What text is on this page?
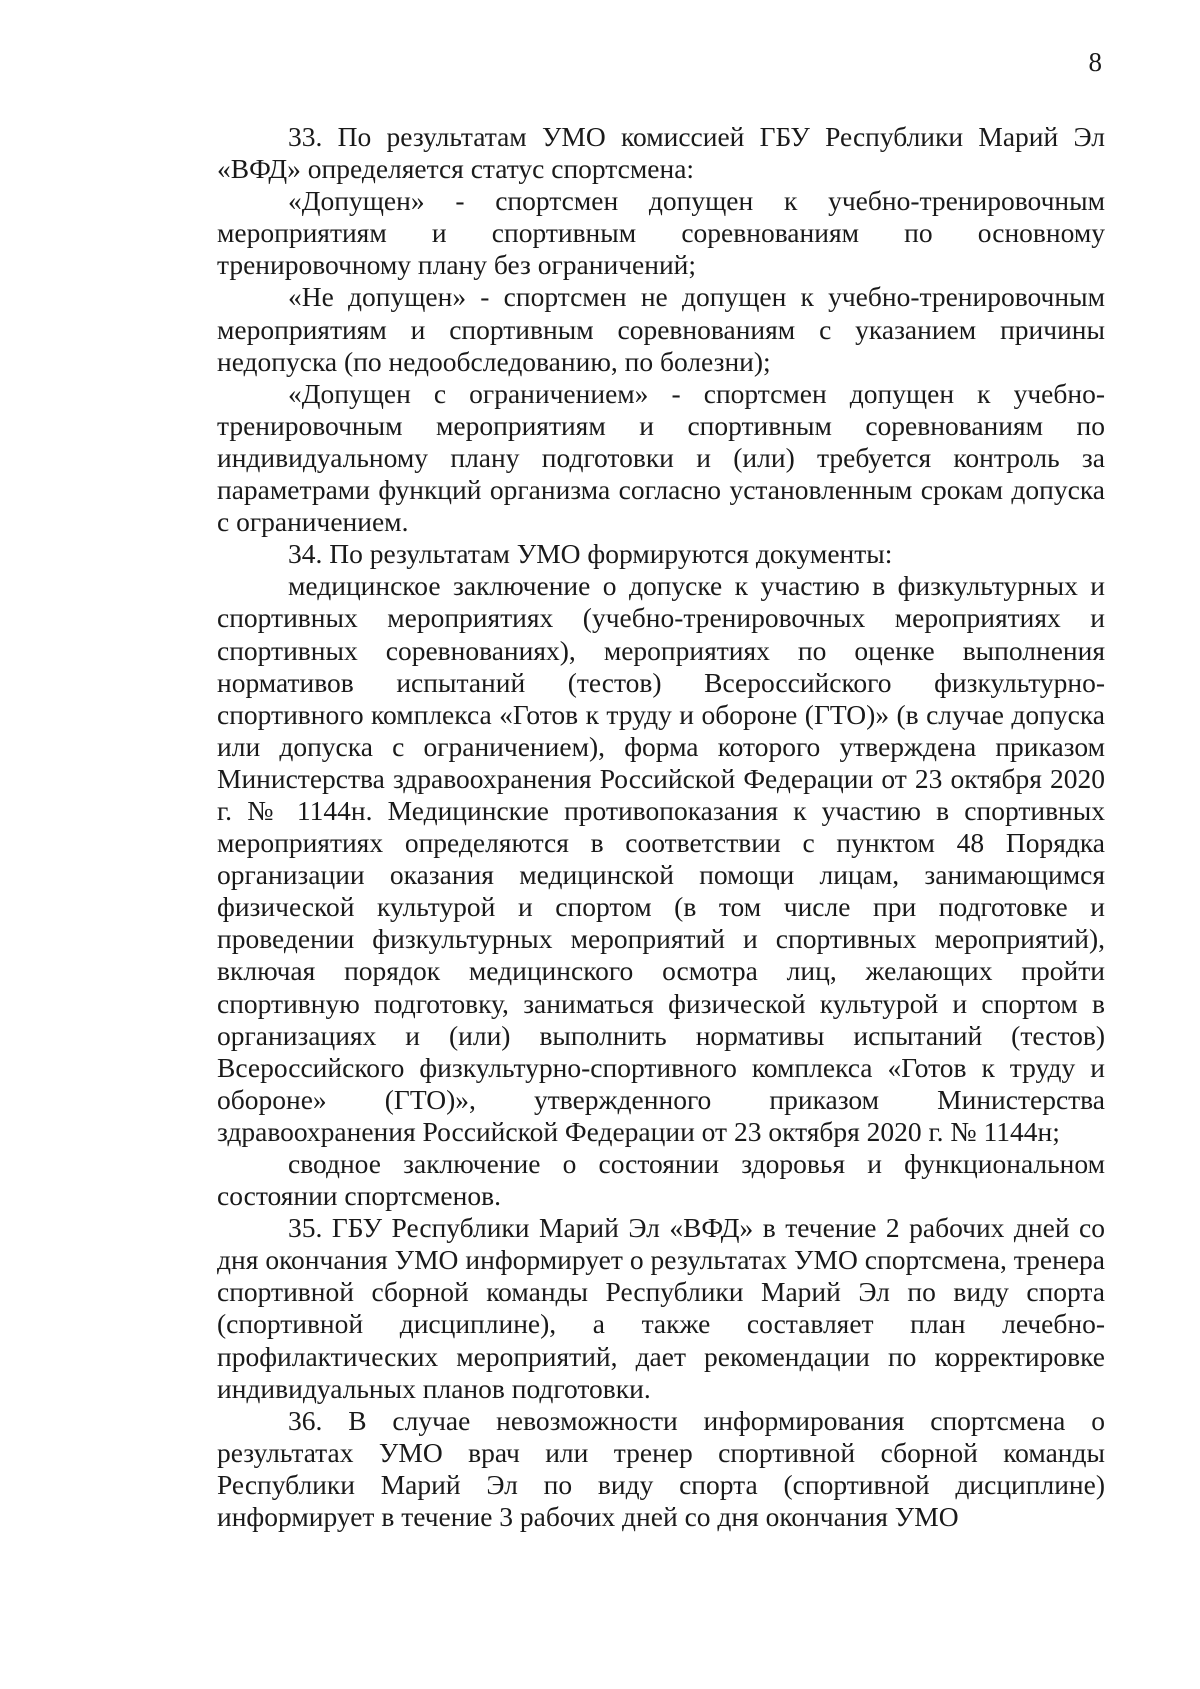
8

33. По результатам УМО комиссией ГБУ Республики Марий Эл «ВФД» определяется статус спортсмена:

«Допущен» - спортсмен допущен к учебно-тренировочным мероприятиям и спортивным соревнованиям по основному тренировочному плану без ограничений;

«Не допущен» - спортсмен не допущен к учебно-тренировочным мероприятиям и спортивным соревнованиям с указанием причины недопуска (по недообследованию, по болезни);

«Допущен с ограничением» - спортсмен допущен к учебно-тренировочным мероприятиям и спортивным соревнованиям по индивидуальному плану подготовки и (или) требуется контроль за параметрами функций организма согласно установленным срокам допуска с ограничением.

34. По результатам УМО формируются документы:

медицинское заключение о допуске к участию в физкультурных и спортивных мероприятиях (учебно-тренировочных мероприятиях и спортивных соревнованиях), мероприятиях по оценке выполнения нормативов испытаний (тестов) Всероссийского физкультурно-спортивного комплекса «Готов к труду и обороне (ГТО)» (в случае допуска или допуска с ограничением), форма которого утверждена приказом Министерства здравоохранения Российской Федерации от 23 октября 2020 г. № 1144н. Медицинские противопоказания к участию в спортивных мероприятиях определяются в соответствии с пунктом 48 Порядка организации оказания медицинской помощи лицам, занимающимся физической культурой и спортом (в том числе при подготовке и проведении физкультурных мероприятий и спортивных мероприятий), включая порядок медицинского осмотра лиц, желающих пройти спортивную подготовку, заниматься физической культурой и спортом в организациях и (или) выполнить нормативы испытаний (тестов) Всероссийского физкультурно-спортивного комплекса «Готов к труду и обороне» (ГТО)», утвержденного приказом Министерства здравоохранения Российской Федерации от 23 октября 2020 г. № 1144н;

сводное заключение о состоянии здоровья и функциональном состоянии спортсменов.

35. ГБУ Республики Марий Эл «ВФД» в течение 2 рабочих дней со дня окончания УМО информирует о результатах УМО спортсмена, тренера спортивной сборной команды Республики Марий Эл по виду спорта (спортивной дисциплине), а также составляет план лечебно-профилактических мероприятий, дает рекомендации по корректировке индивидуальных планов подготовки.

36. В случае невозможности информирования спортсмена о результатах УМО врач или тренер спортивной сборной команды Республики Марий Эл по виду спорта (спортивной дисциплине) информирует в течение 3 рабочих дней со дня окончания УМО
